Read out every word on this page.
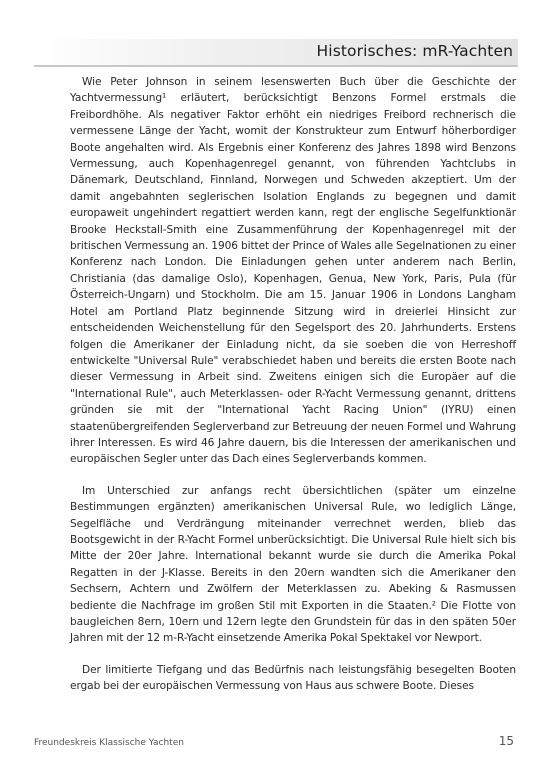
Historisches: mR-Yachten

Wie Peter Johnson in seinem lesenswerten Buch über die Geschichte der Yachtvermessung¹ erläutert, berücksichtigt Benzons Formel erstmals die Freibordhöhe. Als negativer Faktor erhöht ein niedriges Freibord rechnerisch die vermessene Länge der Yacht, womit der Konstrukteur zum Entwurf höherbordiger Boote angehalten wird. Als Ergebnis einer Konferenz des Jahres 1898 wird Benzons Vermessung, auch Kopenhagenregel genannt, von führenden Yachtclubs in Dänemark, Deutschland, Finnland, Norwegen und Schweden akzeptiert. Um der damit angebahnten seglerischen Isolation Englands zu begegnen und damit europaweit ungehindert regattiert werden kann, regt der englische Segelfunktionär Brooke Heckstall-Smith eine Zusammenführung der Kopenhagenregel mit der britischen Vermessung an. 1906 bittet der Prince of Wales alle Segelnationen zu einer Konferenz nach London. Die Einladungen gehen unter anderem nach Berlin, Christiania (das damalige Oslo), Kopenhagen, Genua, New York, Paris, Pula (für Österreich-Ungarn) und Stockholm. Die am 15. Januar 1906 in Londons Langham Hotel am Portland Platz beginnende Sitzung wird in dreierlei Hinsicht zur entscheidenden Weichenstellung für den Segelsport des 20. Jahrhunderts. Erstens folgen die Amerikaner der Einladung nicht, da sie soeben die von Herreshoff entwickelte "Universal Rule" verabschiedet haben und bereits die ersten Boote nach dieser Vermessung in Arbeit sind. Zweitens einigen sich die Europäer auf die "International Rule", auch Meterklassen- oder R-Yacht Vermessung genannt, drittens gründen sie mit der "International Yacht Racing Union" (IYRU) einen staatenübergreifenden Seglerverband zur Betreuung der neuen Formel und Wahrung ihrer Interessen. Es wird 46 Jahre dauern, bis die Interessen der amerikanischen und europäischen Segler unter das Dach eines Seglerverbands kommen.

Im Unterschied zur anfangs recht übersichtlichen (später um einzelne Bestimmungen ergänzten) amerikanischen Universal Rule, wo lediglich Länge, Segelfläche und Verdrängung miteinander verrechnet werden, blieb das Bootsgewicht in der R-Yacht Formel unberücksichtigt. Die Universal Rule hielt sich bis Mitte der 20er Jahre. International bekannt wurde sie durch die Amerika Pokal Regatten in der J-Klasse. Bereits in den 20ern wandten sich die Amerikaner den Sechsern, Achtern und Zwölfern der Meterklassen zu. Abeking & Rasmussen bediente die Nachfrage im großen Stil mit Exporten in die Staaten.² Die Flotte von baugleichen 8ern, 10ern und 12ern legte den Grundstein für das in den späten 50er Jahren mit der 12 m-R-Yacht einsetzende Amerika Pokal Spektakel vor Newport.

Der limitierte Tiefgang und das Bedürfnis nach leistungsfähig besegelten Booten ergab bei der europäischen Vermessung von Haus aus schwere Boote. Dieses

Freundeskreis Klassische Yachten	15
